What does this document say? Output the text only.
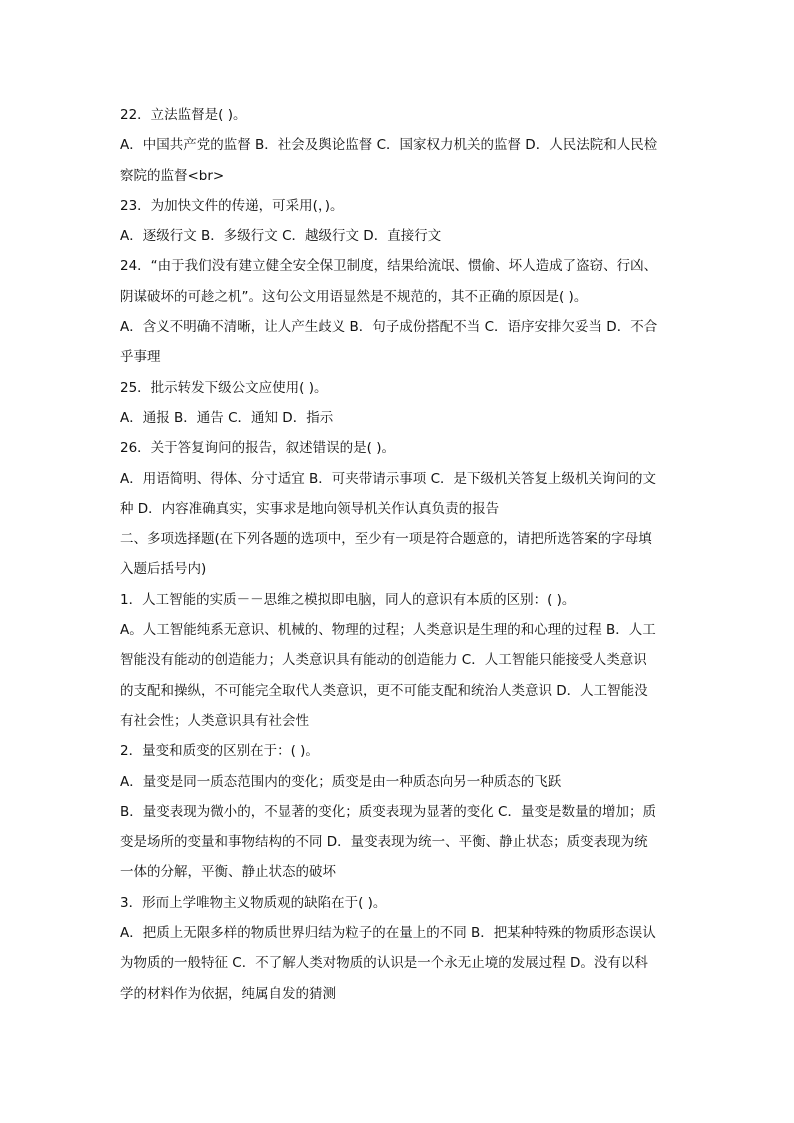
22．立法监督是( )。
A．中国共产党的监督 B．社会及舆论监督 C．国家权力机关的监督 D．人民法院和人民检
察院的监督<br>
23．为加快文件的传递，可采用(，)。
A．逐级行文 B．多级行文 C．越级行文 D．直接行文
24．“由于我们没有建立健全安全保卫制度，结果给流氓、惯偷、坏人造成了盗窃、行凶、
阴谋破坏的可趁之机”。这句公文用语显然是不规范的，其不正确的原因是( )。
A．含义不明确不清晰，让人产生歧义 B．句子成份搭配不当 C．语序安排欠妥当 D．不合
乎事理
25．批示转发下级公文应使用( )。
A．通报 B．通告 C．通知 D．指示
26．关于答复询问的报告，叙述错误的是( )。
A．用语简明、得体、分寸适宜 B．可夹带请示事项 C．是下级机关答复上级机关询问的文
种 D．内容准确真实，实事求是地向领导机关作认真负责的报告
二、多项选择题(在下列各题的选项中，至少有一项是符合题意的，请把所选答案的字母填
入题后括号内)
1．人工智能的实质－－思维之模拟即电脑，同人的意识有本质的区别：( )。
A。人工智能纯系无意识、机械的、物理的过程；人类意识是生理的和心理的过程 B．人工
智能没有能动的创造能力；人类意识具有能动的创造能力 C．人工智能只能接受人类意识
的支配和操纵，不可能完全取代人类意识，更不可能支配和统治人类意识 D．人工智能没
有社会性；人类意识具有社会性
2．量变和质变的区别在于：( )。
A．量变是同一质态范围内的变化；质变是由一种质态向另一种质态的飞跃
B．量变表现为微小的，不显著的变化；质变表现为显著的变化 C．量变是数量的增加；质
变是场所的变量和事物结构的不同 D．量变表现为统一、平衡、静止状态；质变表现为统
一体的分解，平衡、静止状态的破坏
3．形而上学唯物主义物质观的缺陷在于( )。
A．把质上无限多样的物质世界归结为粒子的在量上的不同 B．把某种特殊的物质形态误认
为物质的一般特征 C．不了解人类对物质的认识是一个永无止境的发展过程 D。没有以科
学的材料作为依据，纯属自发的猜测
